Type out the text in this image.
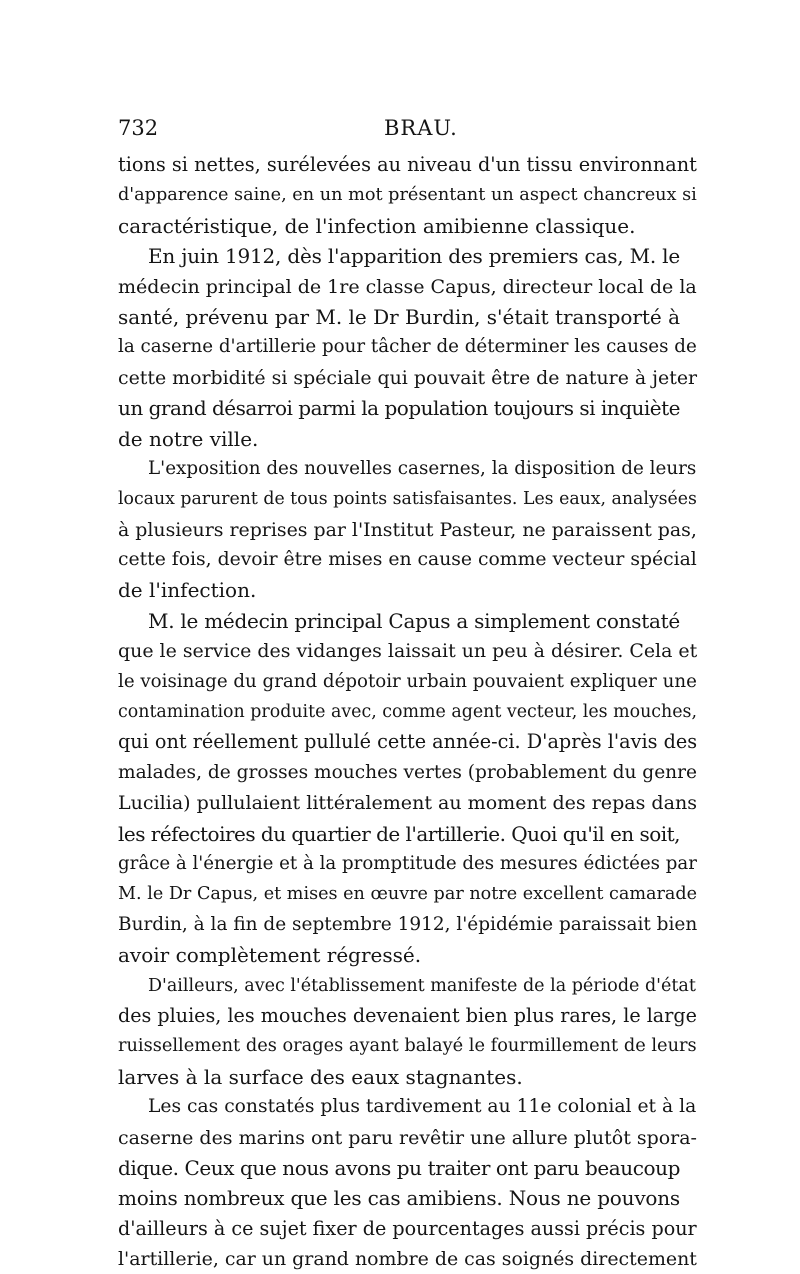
732	BRAU.
tions si nettes, surélevées au niveau d'un tissu environnant
d'apparence saine, en un mot présentant un aspect chancreux si
caractéristique, de l'infection amibienne classique.
En juin 1912, dès l'apparition des premiers cas, M. le
médecin principal de 1re classe Capus, directeur local de la
santé, prévenu par M. le Dr Burdin, s'était transporté à
la caserne d'artillerie pour tâcher de déterminer les causes de
cette morbidité si spéciale qui pouvait être de nature à jeter
un grand désarroi parmi la population toujours si inquiète
de notre ville.
L'exposition des nouvelles casernes, la disposition de leurs
locaux parurent de tous points satisfaisantes. Les eaux, analysées
à plusieurs reprises par l'Institut Pasteur, ne paraissent pas,
cette fois, devoir être mises en cause comme vecteur spécial
de l'infection.
M. le médecin principal Capus a simplement constaté
que le service des vidanges laissait un peu à désirer. Cela et
le voisinage du grand dépotoir urbain pouvaient expliquer une
contamination produite avec, comme agent vecteur, les mouches,
qui ont réellement pullulé cette année-ci. D'après l'avis des
malades, de grosses mouches vertes (probablement du genre
Lucilia) pullulaient littéralement au moment des repas dans
les réfectoires du quartier de l'artillerie. Quoi qu'il en soit,
grâce à l'énergie et à la promptitude des mesures édictées par
M. le Dr Capus, et mises en œuvre par notre excellent camarade
Burdin, à la fin de septembre 1912, l'épidémie paraissait bien
avoir complètement régressé.
D'ailleurs, avec l'établissement manifeste de la période d'état
des pluies, les mouches devenaient bien plus rares, le large
ruissellement des orages ayant balayé le fourmillement de leurs
larves à la surface des eaux stagnantes.
Les cas constatés plus tardivement au 11e colonial et à la
caserne des marins ont paru revêtir une allure plutôt spora-
dique. Ceux que nous avons pu traiter ont paru beaucoup
moins nombreux que les cas amibiens. Nous ne pouvons
d'ailleurs à ce sujet fixer de pourcentages aussi précis pour
l'artillerie, car un grand nombre de cas soignés directement
